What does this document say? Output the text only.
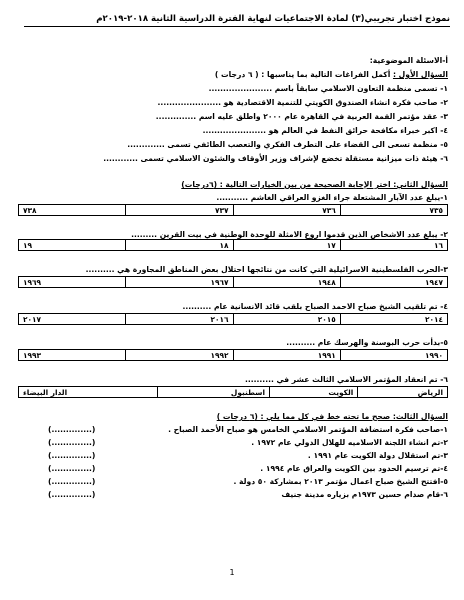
نموذج اختبار تجريبي(٣) لمادة الاجتماعيات لنهاية الفترة الدراسية الثانية ٢٠١٨-٢٠١٩م
أ-الاسئلة الموضوعية:
السؤال الأول : أكمل الفراغات التالية بما يناسبها : ( ٦ درجات )
١- تسمى منظمة التعاون الاسلامي سابقاً باسم ......................
٢- صاحب فكرة انشاء الصندوق الكويتي للتنمية الاقتصادية هو ......................
٣- عقد مؤتمر القمة العربية في القاهرة عام ٢٠٠٠ واطلق عليه اسم ..............
٤- اكبر خبراء مكافحة حرائق النفط في العالم هو ......................
٥- منظمة تسعى الى القضاء على التطرف الفكري والتعصب الطائفي تسمى .............
٦- هيئة ذات ميزانية مستقلة تخضع لإشراف وزير الأوقاف والشئون الاسلامي تسمى ............
السؤال الثاني: اختر الإجابة الصحيحة من بين الخيارات التالية : (٦درجات)
١-يبلغ عدد الآبار المشتعلة جراء الغزو العراقي الغاشم ...........
٧٣٥	٧٣٦	٧٣٧	٧٣٨
٢- يبلغ عدد الاشخاص الذين قدموا اروع الامثلة للوحدة الوطنية في بيت القرين .........
١٦	١٧	١٨	١٩
٣-الحرب الفلسطينية الاسرائيلية التي كانت من نتائجها احتلال بعض المناطق المجاورة هي ..........
١٩٤٧	١٩٤٨	١٩٦٧	١٩٦٩
٤- تم تلقيب الشيخ صباح الاحمد الصباح بلقب قائد الانسانية عام ..........
٢٠١٤	٢٠١٥	٢٠١٦	٢٠١٧
٥-بدأت حرب البوسنة والهرسك عام ..........
١٩٩٠	١٩٩١	١٩٩٢	١٩٩٣
٦- تم انعقاد المؤتمر الاسلامي الثالث عشر في ..........
الرياض	الكويت	اسطنبول	الدار البيضاء
السؤال الثالث: صحح ما تحته خط في كل مما يلي : (٦ درجات )
١-صاحب فكرة استضافة المؤتمر الاسلامي الخامس هو صباح الأحمد الصباح .
٢-تم انشاء اللجنة الاسلاميه للهلال الدولي عام ١٩٧٢ .
٣-تم استقلال دولة الكويت عام ١٩٩١ .
٤-تم ترسيم الحدود بين الكويت والعراق عام ١٩٩٤ .
٥-افتتح الشيخ صباح اعمال مؤتمر ٢٠١٣ بمشاركة ٥٠ دولة .
٦-قام صدام حسين ١٩٧٣م بزياره مدينة جنيف
(..............)
(..............)
(..............)
(..............)
(..............)
(..............)
1
